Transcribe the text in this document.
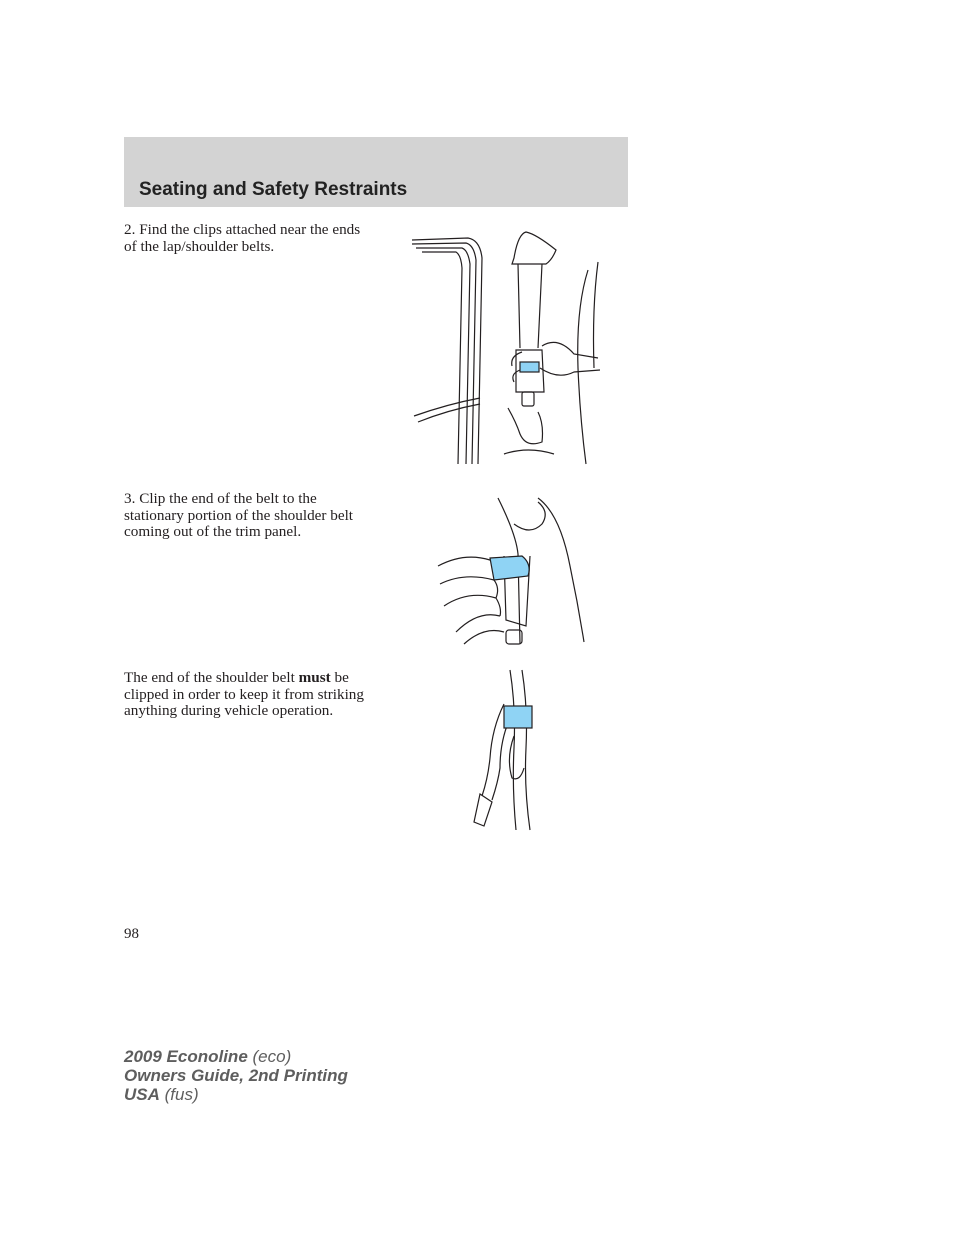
Seating and Safety Restraints
2. Find the clips attached near the ends of the lap/shoulder belts.
3. Clip the end of the belt to the stationary portion of the shoulder belt coming out of the trim panel.
The end of the shoulder belt must be clipped in order to keep it from striking anything during vehicle operation.
98
2009 Econoline (eco)
Owners Guide, 2nd Printing
USA (fus)
